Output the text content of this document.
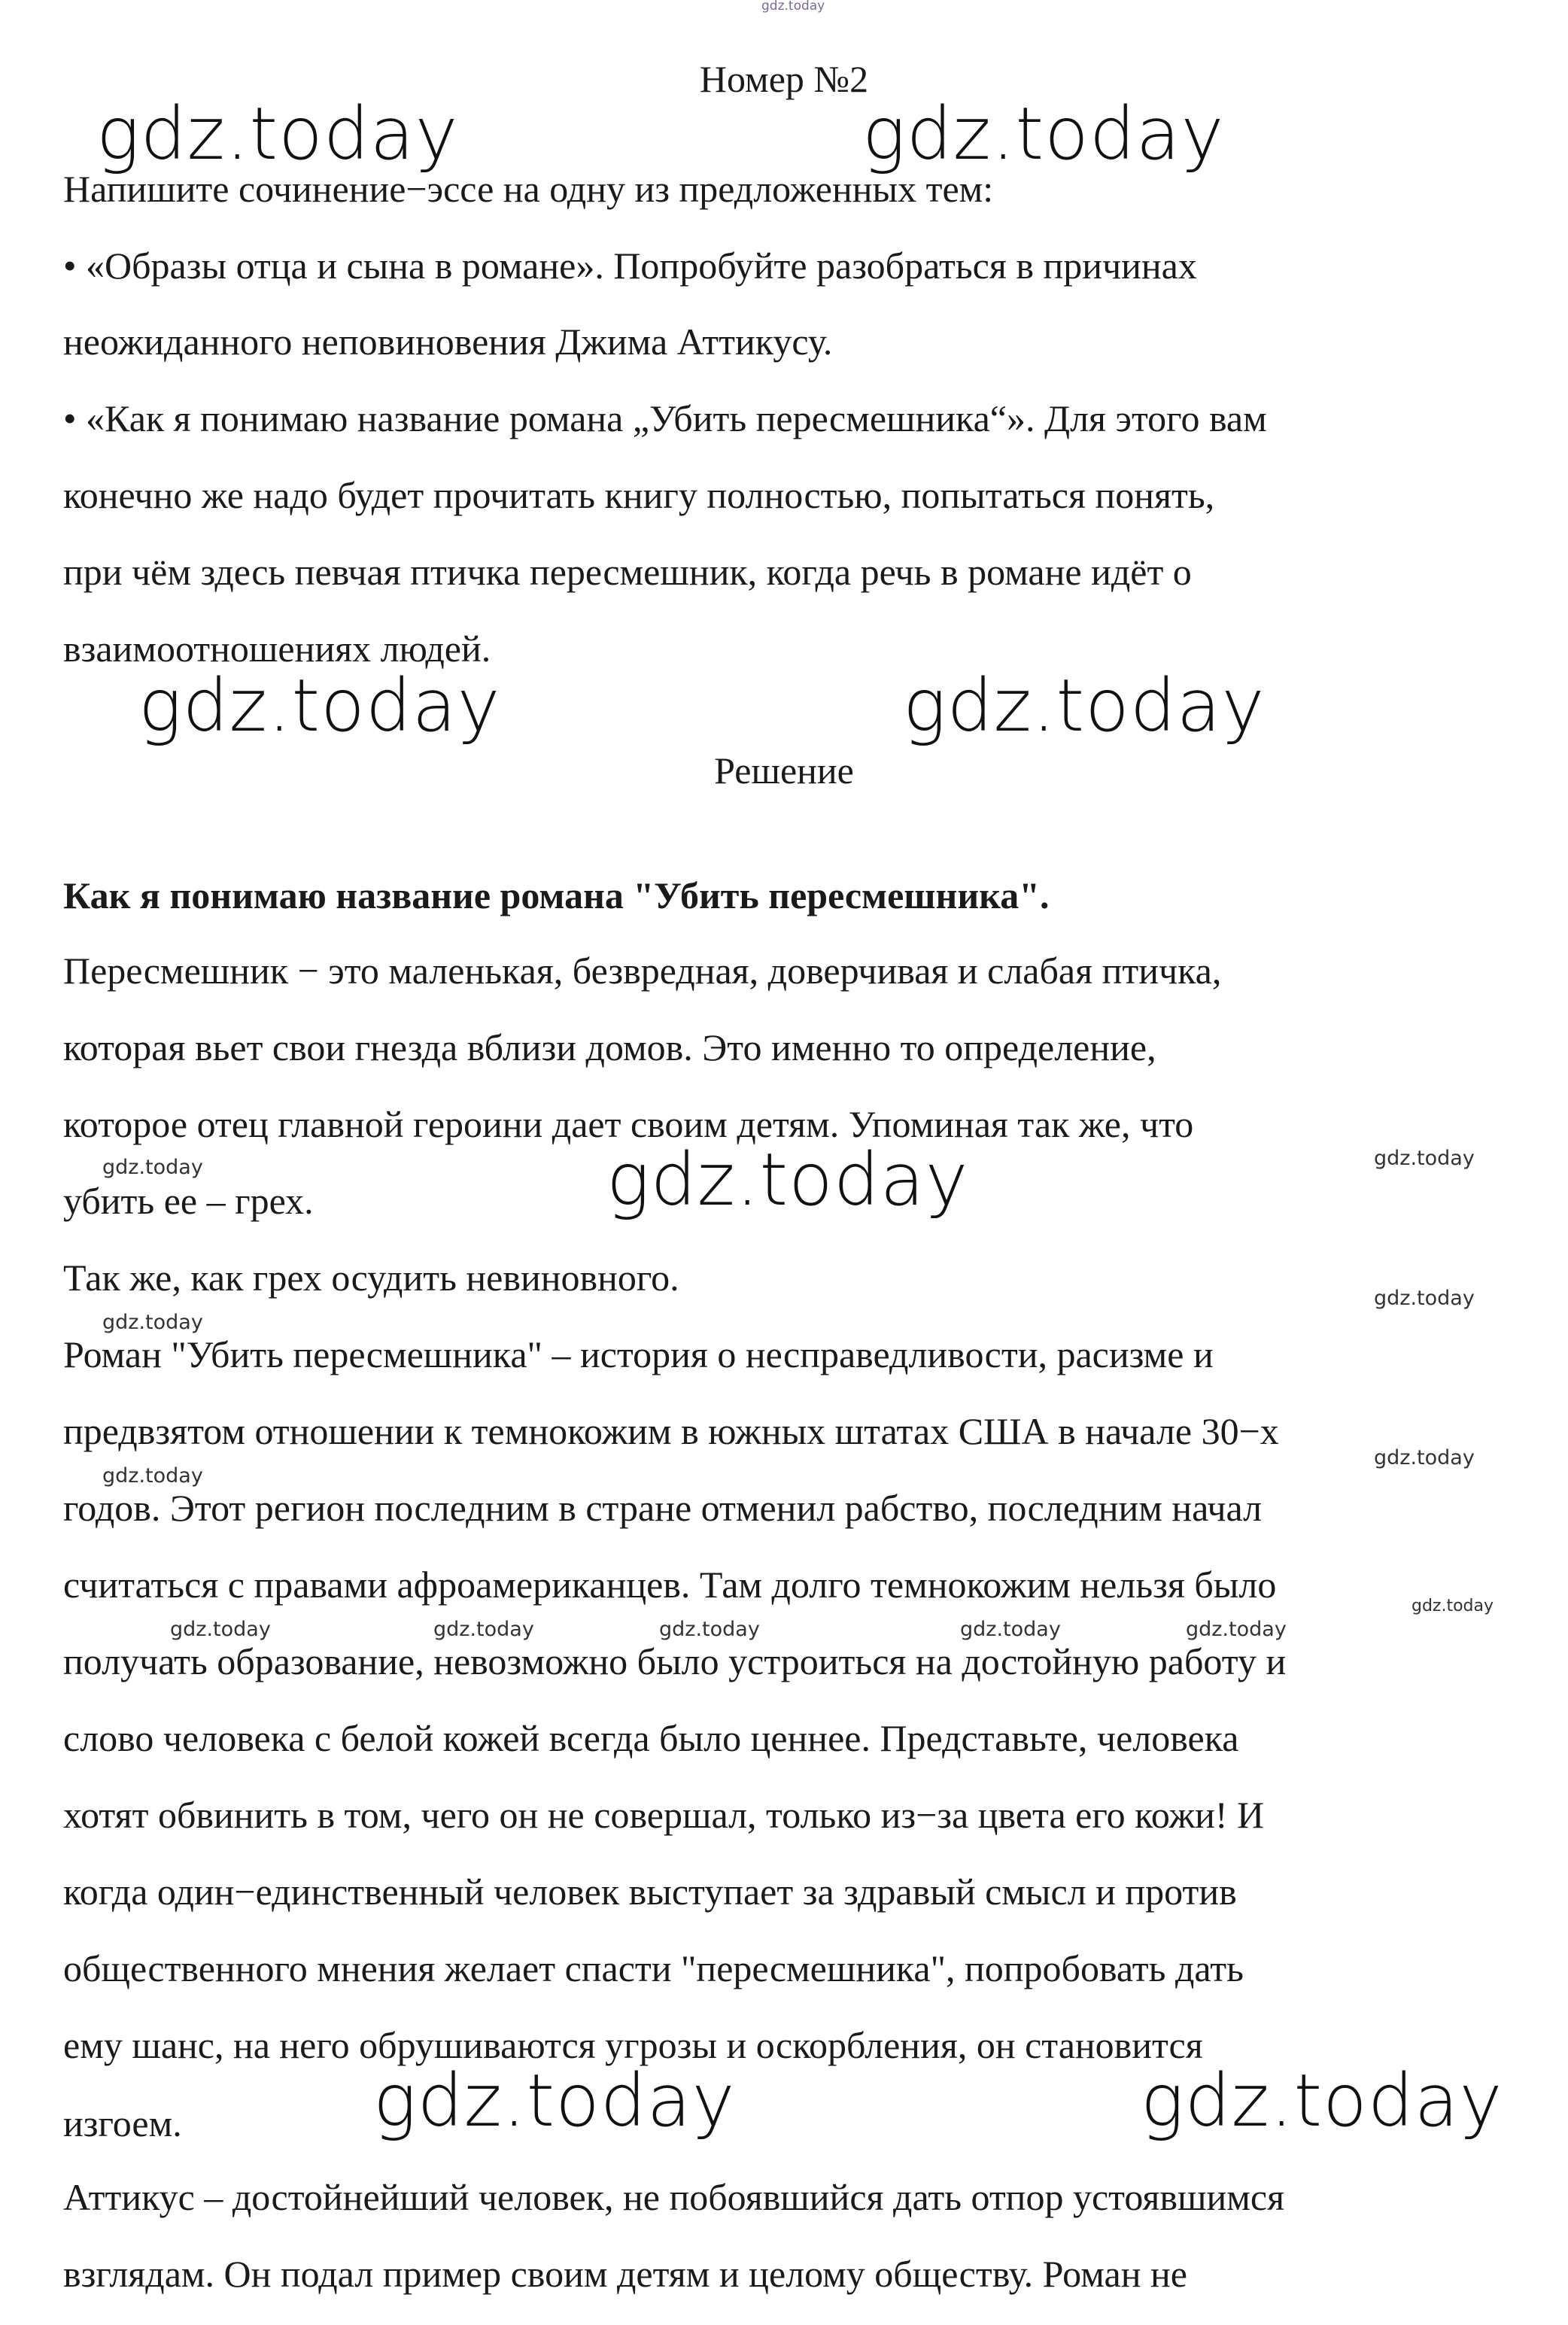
gdz.today

Номер №2

Напишите сочинение−эссе на одну из предложенных тем:

• «Образы отца и сына в романе». Попробуйте разобраться в причинах

неожиданного неповиновения Джима Аттикусу.

• «Как я понимаю название романа „Убить пересмешника“». Для этого вам

конечно же надо будет прочитать книгу полностью, попытаться понять,

при чём здесь певчая птичка пересмешник, когда речь в романе идёт о

взаимоотношениях людей.

Решение

Как я понимаю название романа "Убить пересмешника".

Пересмешник − это маленькая, безвредная, доверчивая и слабая птичка,

которая вьет свои гнезда вблизи домов. Это именно то определение,

которое отец главной героини дает своим детям. Упоминая так же, что

убить ее – грех.

Так же, как грех осудить невиновного.

Роман "Убить пересмешника" – история о несправедливости, расизме и

предвзятом отношении к темнокожим в южных штатах США в начале 30−х

годов. Этот регион последним в стране отменил рабство, последним начал

считаться с правами афроамериканцев. Там долго темнокожим нельзя было

получать образование, невозможно было устроиться на достойную работу и

слово человека с белой кожей всегда было ценнее. Представьте, человека

хотят обвинить в том, чего он не совершал, только из−за цвета его кожи! И

когда один−единственный человек выступает за здравый смысл и против

общественного мнения желает спасти "пересмешника", попробовать дать

ему шанс, на него обрушиваются угрозы и оскорбления, он становится

изгоем.

Аттикус – достойнейший человек, не побоявшийся дать отпор устоявшимся

взглядам. Он подал пример своим детям и целому обществу. Роман не

gdz.today	gdz.today
gdz.today	gdz.today
gdz.today
gdz.today	gdz.today
gdz.today	gdz.today
gdz.today
gdz.today
gdz.today
gdz.today
gdz.today
gdz.today	gdz.today	gdz.today	gdz.today	gdz.today
